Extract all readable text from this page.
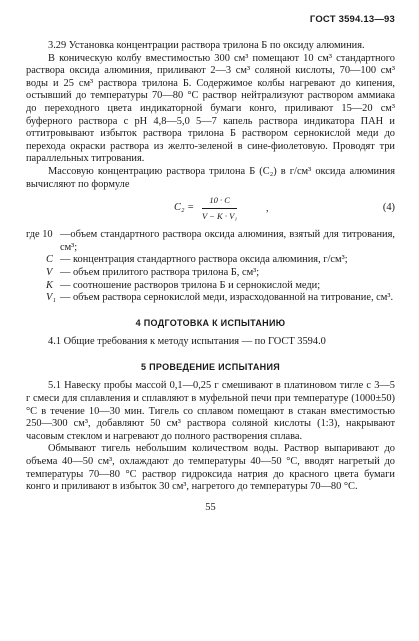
ГОСТ 3594.13—93

3.29 Установка концентрации раствора трилона Б по оксиду алюминия.

В коническую колбу вместимостью 300 см³ помещают 10 см³ стандартного раствора оксида алюминия, приливают 2—3 см³ соляной кислоты, 70—100 см³ воды и 25 см³ раствора трилона Б. Содержимое колбы нагревают до кипения, остывший до температуры 70—80 °С раствор нейтрализуют раствором аммиака до переходного цвета индикаторной бумаги конго, приливают 15—20 см³ буферного раствора с рН 4,8—5,0 5—7 капель раствора индикатора ПАН и оттитровывают избыток раствора трилона Б раствором сернокислой меди до перехода окраски раствора из желто-зеленой в сине-фиолетовую. Проводят три параллельных титрования.

Массовую концентрацию раствора трилона Б (С₂) в г/см³ оксида алюминия вычисляют по формуле

$C_2 = \frac{10 \cdot C}{\text{V − K · V₁}}$	,	(4)
где 10 —объем стандартного раствора оксида алюминия, взятый для титрования, см³;
C — концентрация стандартного раствора оксида алюминия, г/см³;
V — объем прилитого раствора трилона Б, см³;
K — соотношение растворов трилона Б и сернокислой меди;
V₁ — объем раствора сернокислой меди, израсходованной на титрование, см³.
4 ПОДГОТОВКА К ИСПЫТАНИЮ

4.1 Общие требования к методу испытания — по ГОСТ 3594.0

5 ПРОВЕДЕНИЕ ИСПЫТАНИЯ

5.1 Навеску пробы массой 0,1—0,25 г смешивают в платиновом тигле с 3—5 г смеси для сплавления и сплавляют в муфельной печи при температуре (1000±50) °С в течение 10—30 мин. Тигель со сплавом помещают в стакан вместимостью 250—300 см³, добавляют 50 см³ раствора соляной кислоты (1:3), накрывают часовым стеклом и нагревают до полного растворения сплава.

Обмывают тигель небольшим количеством воды. Раствор выпаривают до объема 40—50 см³, охлаждают до температуры 40—50 °С, вводят нагретый до температуры 70—80 °С раствор гидроксида натрия до красного цвета бумаги конго и приливают в избыток 30 см³, нагретого до температуры 70—80 °С.

55
